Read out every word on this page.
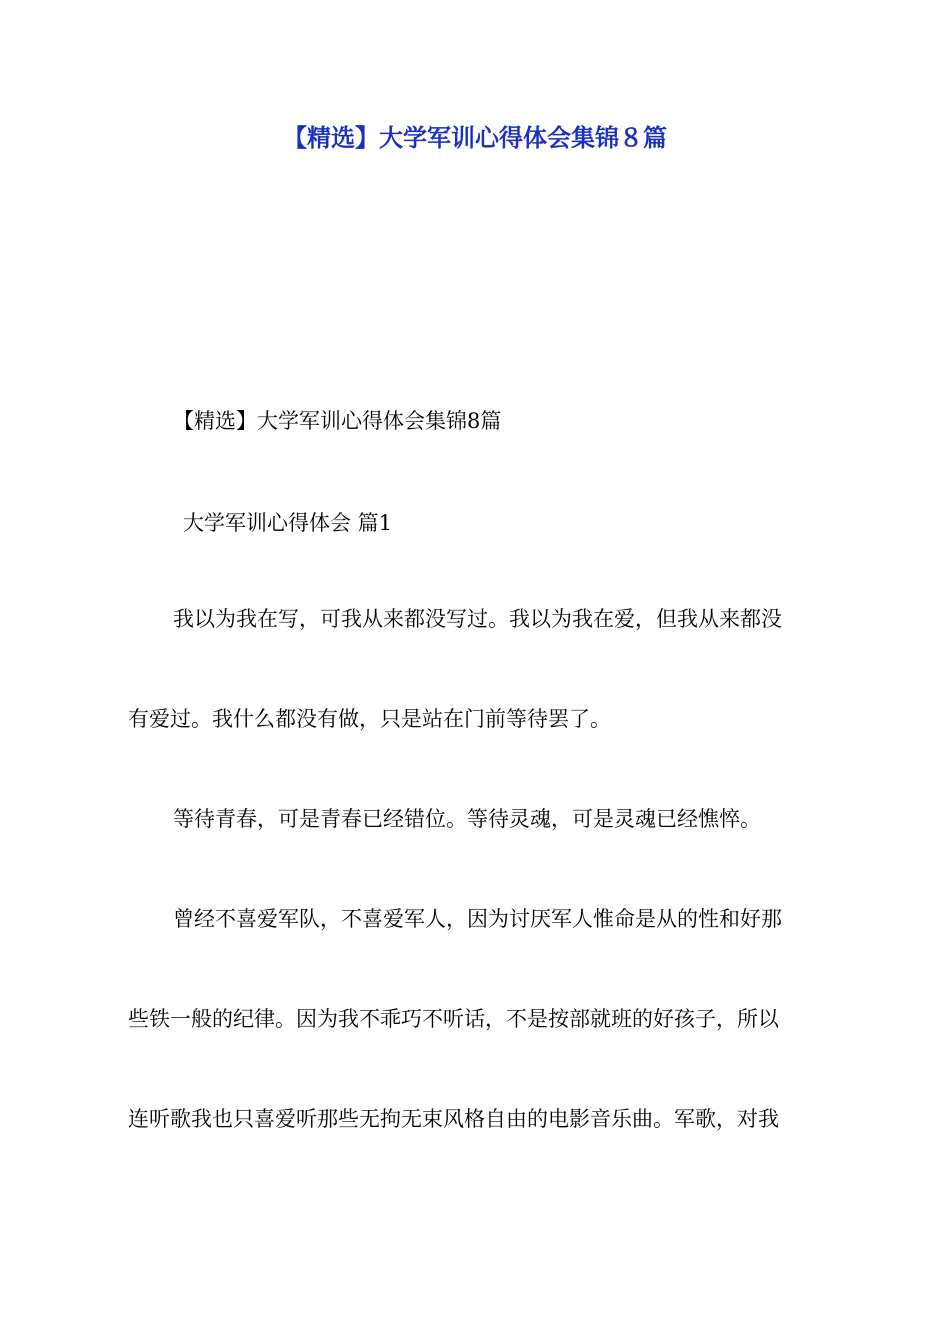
【精选】大学军训心得体会集锦８篇

【精选】大学军训心得体会集锦8篇

大学军训心得体会 篇1

我以为我在写，可我从来都没写过。我以为我在爱，但我从来都没

有爱过。我什么都没有做，只是站在门前等待罢了。

等待青春，可是青春已经错位。等待灵魂，可是灵魂已经憔悴。

曾经不喜爱军队，不喜爱军人，因为讨厌军人惟命是从的性和好那

些铁一般的纪律。因为我不乖巧不听话，不是按部就班的好孩子，所以

连听歌我也只喜爱听那些无拘无束风格自由的电影音乐曲。军歌，对我
